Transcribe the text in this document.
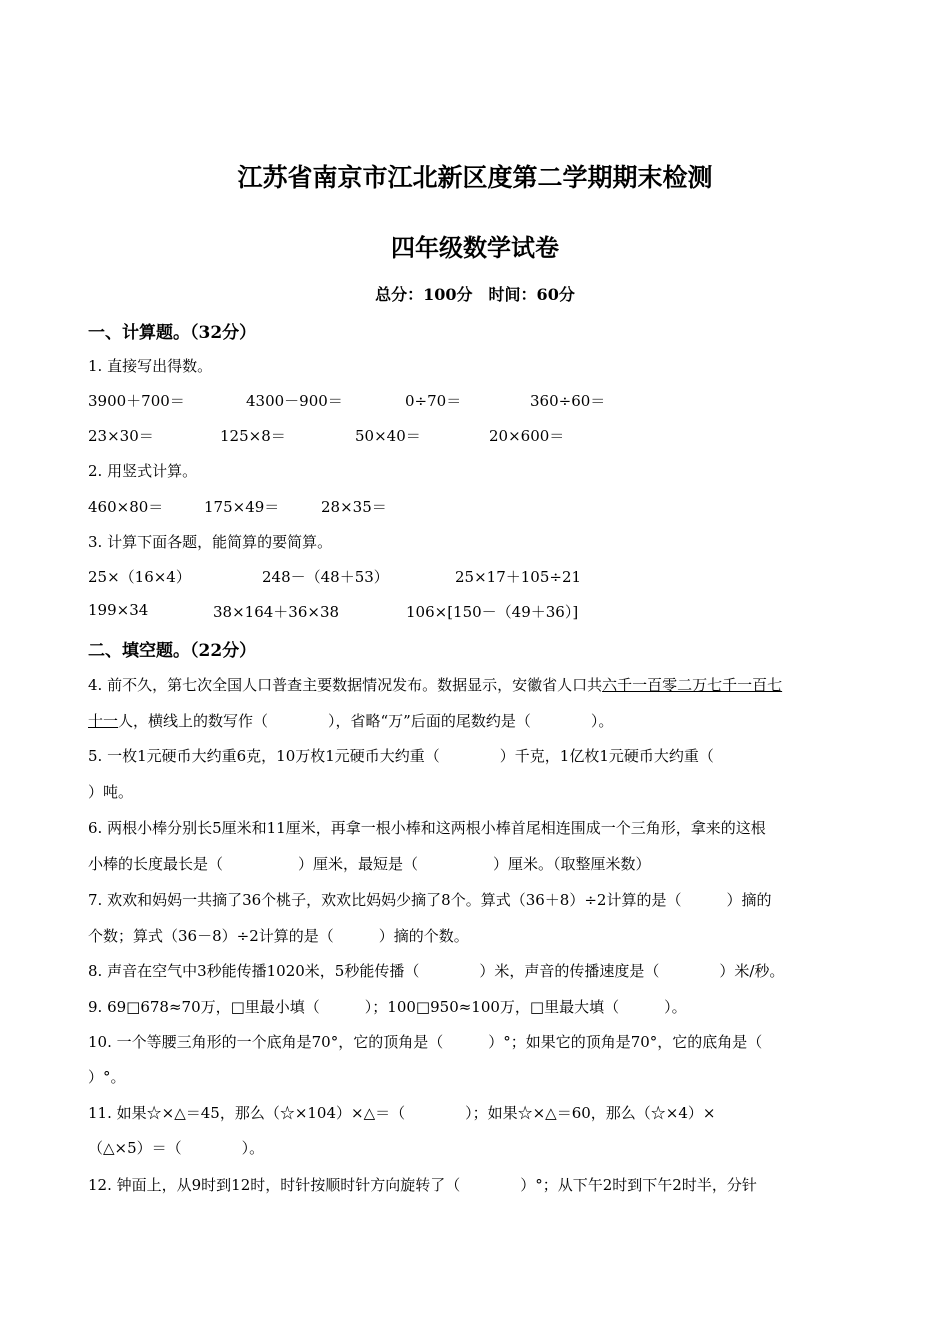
江苏省南京市江北新区度第二学期期末检测
四年级数学试卷
总分：100分　时间：60分
一、计算题。（32分）
1. 直接写出得数。
3900＋700＝	4300－900＝	0÷70＝	360÷60＝
23×30＝	125×8＝	50×40＝	20×600＝
2. 用竖式计算。
460×80＝	175×49＝	28×35＝
3. 计算下面各题，能简算的要简算。
25×（16×4）	248－（48＋53）	25×17＋105÷21
199×34	38×164＋36×38	106×[150－（49＋36）]
二、填空题。（22分）
4. 前不久，第七次全国人口普查主要数据情况发布。数据显示，安徽省人口共六千一百零二万七千一百七
十一人，横线上的数写作（　　　　），省略“万”后面的尾数约是（　　　　）。
5. 一枚1元硬币大约重6克，10万枚1元硬币大约重（　　　　）千克，1亿枚1元硬币大约重（
）吨。
6. 两根小棒分别长5厘米和11厘米，再拿一根小棒和这两根小棒首尾相连围成一个三角形，拿来的这根
小棒的长度最长是（　　　　　）厘米，最短是（　　　　　）厘米。（取整厘米数）
7. 欢欢和妈妈一共摘了36个桃子，欢欢比妈妈少摘了8个。算式（36＋8）÷2计算的是（　　　）摘的
个数；算式（36－8）÷2计算的是（　　　）摘的个数。
8. 声音在空气中3秒能传播1020米，5秒能传播（　　　　）米，声音的传播速度是（　　　　）米/秒。
9. 69□678≈70万，□里最小填（　　　）；100□950≈100万，□里最大填（　　　）。
10. 一个等腰三角形的一个底角是70°，它的顶角是（　　　）°；如果它的顶角是70°，它的底角是（
）°。
11. 如果☆×△＝45，那么（☆×104）×△＝（　　　　）；如果☆×△＝60，那么（☆×4）×
（△×5）＝（　　　　）。
12. 钟面上，从9时到12时，时针按顺时针方向旋转了（　　　　）°；从下午2时到下午2时半，分针
